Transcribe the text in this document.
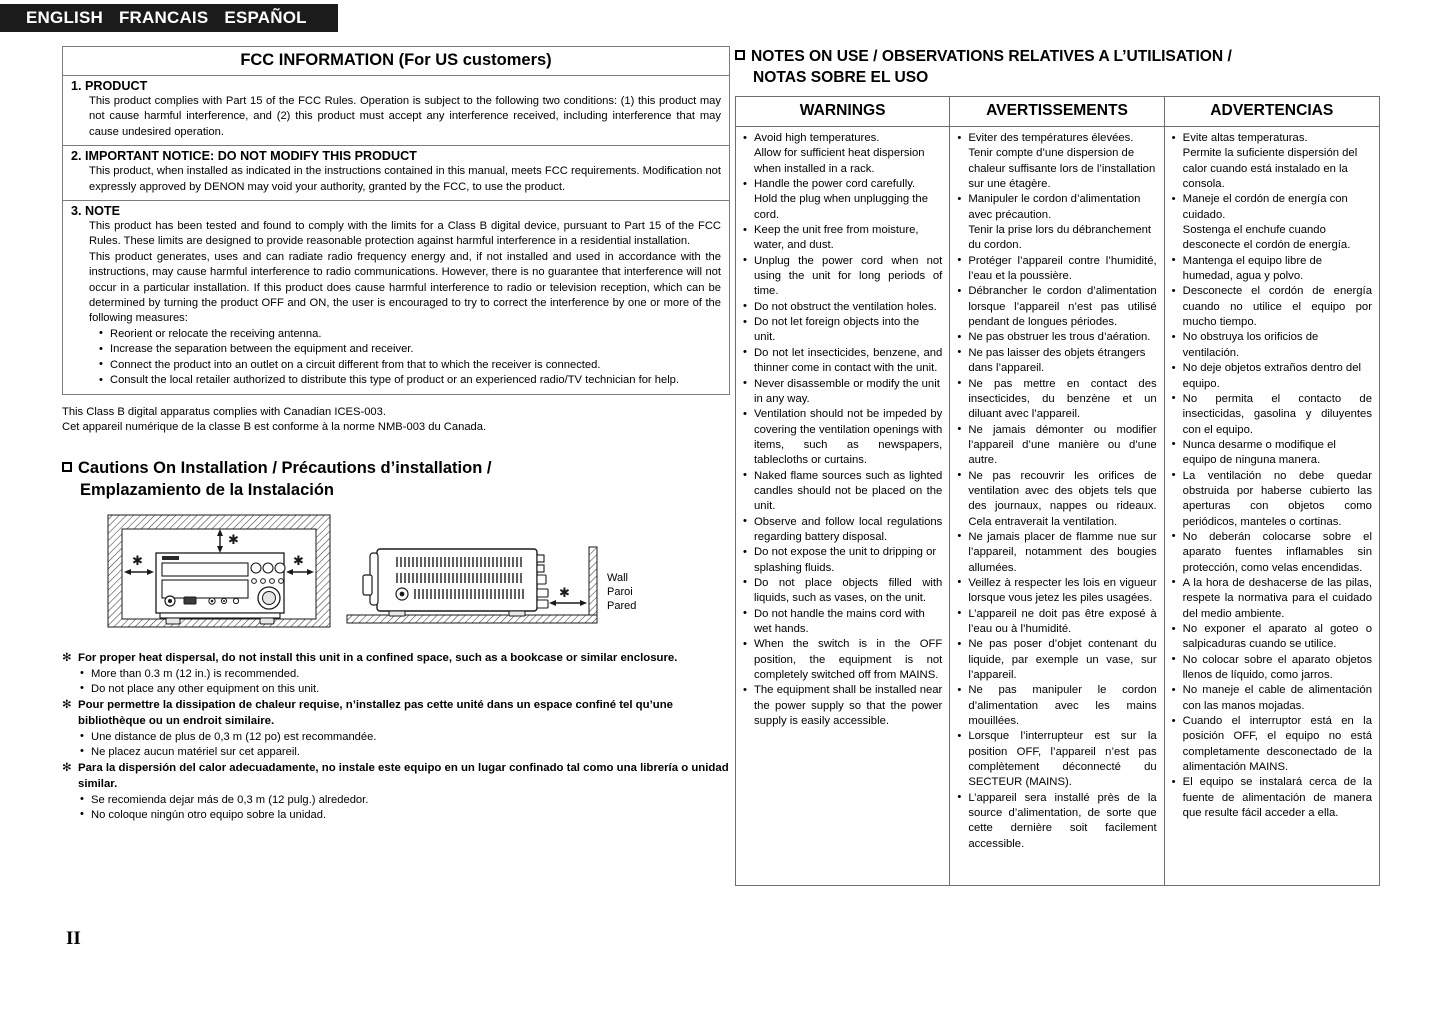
ENGLISH FRANCAIS ESPAÑOL
FCC INFORMATION (For US customers)
1. PRODUCT
This product complies with Part 15 of the FCC Rules. Operation is subject to the following two conditions: (1) this product may not cause harmful interference, and (2) this product must accept any interference received, including interference that may cause undesired operation.
2. IMPORTANT NOTICE: DO NOT MODIFY THIS PRODUCT
This product, when installed as indicated in the instructions contained in this manual, meets FCC requirements. Modification not expressly approved by DENON may void your authority, granted by the FCC, to use the product.
3. NOTE
This product has been tested and found to comply with the limits for a Class B digital device, pursuant to Part 15 of the FCC Rules. These limits are designed to provide reasonable protection against harmful interference in a residential installation.
This product generates, uses and can radiate radio frequency energy and, if not installed and used in accordance with the instructions, may cause harmful interference to radio communications. However, there is no guarantee that interference will not occur in a particular installation. If this product does cause harmful interference to radio or television reception, which can be determined by turning the product OFF and ON, the user is encouraged to try to correct the interference by one or more of the following measures:
• Reorient or relocate the receiving antenna.
• Increase the separation between the equipment and receiver.
• Connect the product into an outlet on a circuit different from that to which the receiver is connected.
• Consult the local retailer authorized to distribute this type of product or an experienced radio/TV technician for help.
This Class B digital apparatus complies with Canadian ICES-003.
Cet appareil numérique de la classe B est conforme à la norme NMB-003 du Canada.
Cautions On Installation / Précautions d’installation /
Emplazamiento de la Instalación
✱
✱	✱
✱
Wall
Paroi
Pared
✻ For proper heat dispersal, do not install this unit in a confined space, such as a bookcase or similar enclosure.
• More than 0.3 m (12 in.) is recommended.
• Do not place any other equipment on this unit.
✻ Pour permettre la dissipation de chaleur requise, n’installez pas cette unité dans un espace confiné tel qu’une bibliothèque ou un endroit similaire.
• Une distance de plus de 0,3 m (12 po) est recommandée.
• Ne placez aucun matériel sur cet appareil.
✻ Para la dispersión del calor adecuadamente, no instale este equipo en un lugar confinado tal como una librería o unidad similar.
• Se recomienda dejar más de 0,3 m (12 pulg.) alrededor.
• No coloque ningún otro equipo sobre la unidad.
II
NOTES ON USE / OBSERVATIONS RELATIVES A L’UTILISATION /
NOTAS SOBRE EL USO
WARNINGS
• Avoid high temperatures.
Allow for sufficient heat dispersion when installed in a rack.
• Handle the power cord carefully.
Hold the plug when unplugging the cord.
• Keep the unit free from moisture, water, and dust.
• Unplug the power cord when not using the unit for long periods of time.
• Do not obstruct the ventilation holes.
• Do not let foreign objects into the unit.
• Do not let insecticides, benzene, and thinner come in contact with the unit.
• Never disassemble or modify the unit in any way.
• Ventilation should not be impeded by covering the ventilation openings with items, such as newspapers, tablecloths or curtains.
• Naked flame sources such as lighted candles should not be placed on the unit.
• Observe and follow local regulations regarding battery disposal.
• Do not expose the unit to dripping or splashing fluids.
• Do not place objects filled with liquids, such as vases, on the unit.
• Do not handle the mains cord with wet hands.
• When the switch is in the OFF position, the equipment is not completely switched off from MAINS.
• The equipment shall be installed near the power supply so that the power supply is easily accessible.
AVERTISSEMENTS
• Eviter des températures élevées.
Tenir compte d’une dispersion de chaleur suffisante lors de l’installation sur une étagère.
• Manipuler le cordon d’alimentation avec précaution.
Tenir la prise lors du débranchement du cordon.
• Protéger l’appareil contre l’humidité, l’eau et la poussière.
• Débrancher le cordon d’alimentation lorsque l’appareil n’est pas utilisé pendant de longues périodes.
• Ne pas obstruer les trous d’aération.
• Ne pas laisser des objets étrangers dans l’appareil.
• Ne pas mettre en contact des insecticides, du benzène et un diluant avec l’appareil.
• Ne jamais démonter ou modifier l’appareil d’une manière ou d’une autre.
• Ne pas recouvrir les orifices de ventilation avec des objets tels que des journaux, nappes ou rideaux. Cela entraverait la ventilation.
• Ne jamais placer de flamme nue sur l’appareil, notamment des bougies allumées.
• Veillez à respecter les lois en vigueur lorsque vous jetez les piles usagées.
• L’appareil ne doit pas être exposé à l’eau ou à l’humidité.
• Ne pas poser d’objet contenant du liquide, par exemple un vase, sur l’appareil.
• Ne pas manipuler le cordon d’alimentation avec les mains mouillées.
• Lorsque l’interrupteur est sur la position OFF, l’appareil n’est pas complètement déconnecté du SECTEUR (MAINS).
• L’appareil sera installé près de la source d’alimentation, de sorte que cette dernière soit facilement accessible.
ADVERTENCIAS
• Evite altas temperaturas.
Permite la suficiente dispersión del calor cuando está instalado en la consola.
• Maneje el cordón de energía con cuidado.
Sostenga el enchufe cuando desconecte el cordón de energía.
• Mantenga el equipo libre de humedad, agua y polvo.
• Desconecte el cordón de energía cuando no utilice el equipo por mucho tiempo.
• No obstruya los orificios de ventilación.
• No deje objetos extraños dentro del equipo.
• No permita el contacto de insecticidas, gasolina y diluyentes con el equipo.
• Nunca desarme o modifique el equipo de ninguna manera.
• La ventilación no debe quedar obstruida por haberse cubierto las aperturas con objetos como periódicos, manteles o cortinas.
• No deberán colocarse sobre el aparato fuentes inflamables sin protección, como velas encendidas.
• A la hora de deshacerse de las pilas, respete la normativa para el cuidado del medio ambiente.
• No exponer el aparato al goteo o salpicaduras cuando se utilice.
• No colocar sobre el aparato objetos llenos de líquido, como jarros.
• No maneje el cable de alimentación con las manos mojadas.
• Cuando el interruptor está en la posición OFF, el equipo no está completamente desconectado de la alimentación MAINS.
• El equipo se instalará cerca de la fuente de alimentación de manera que resulte fácil acceder a ella.
